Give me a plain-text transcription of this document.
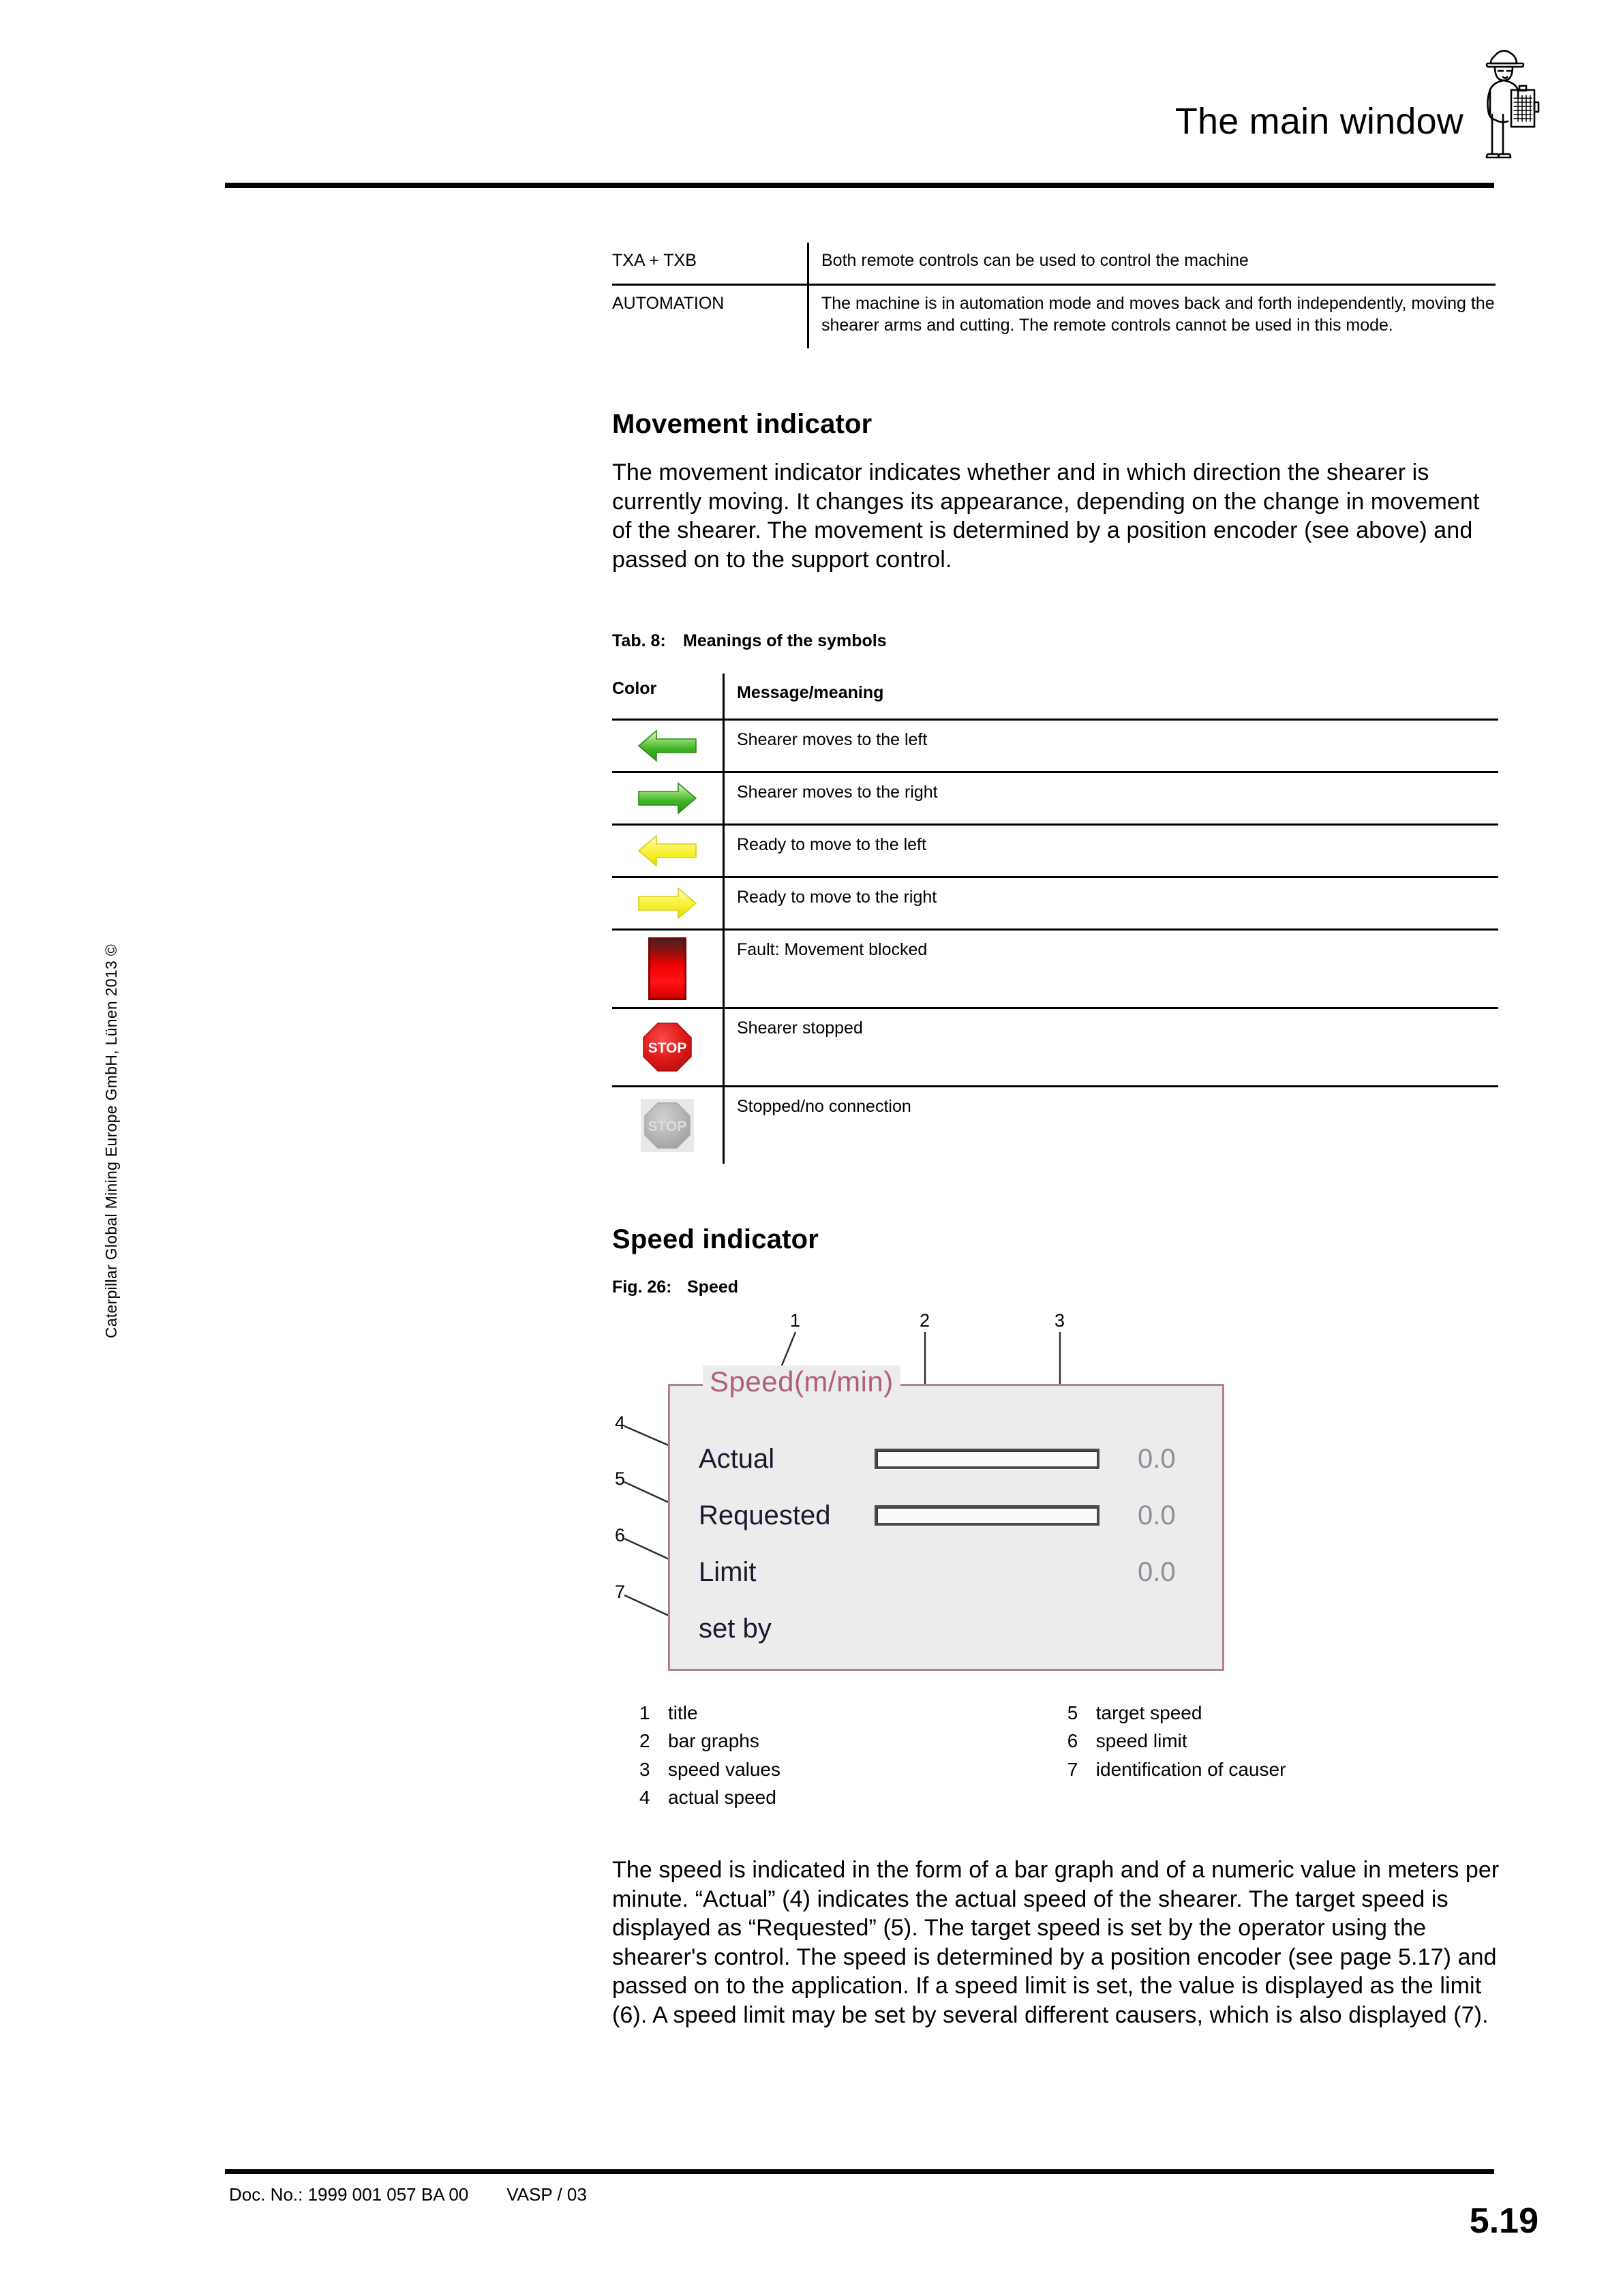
The main window
Caterpillar Global Mining Europe GmbH, Lünen 2013 ©
TXA + TXB	Both remote controls can be used to control the machine
AUTOMATION	The machine is in automation mode and moves back and forth independently, moving the shearer arms and cutting. The remote controls cannot be used in this mode.
Movement indicator
The movement indicator indicates whether and in which direction the shearer is currently moving. It changes its appearance, depending on the change in movement of the shearer. The movement is determined by a position encoder (see above) and passed on to the support control.
Tab. 8: Meanings of the symbols
Color	Message/meaning

	Shearer moves to the left

	Shearer moves to the right

	Ready to move to the left

	Ready to move to the right

	Fault: Movement blocked

STOP	Shearer stopped

STOP	Stopped/no connection
Speed indicator
Fig. 26: Speed
1	2	3
4
5
6
7
Speed(m/min)
Actual	0.0
Requested	0.0
Limit	0.0
set by
1 title
2 bar graphs
3 speed values
4 actual speed

5 target speed
6 speed limit
7 identification of causer
The speed is indicated in the form of a bar graph and of a numeric value in meters per minute. “Actual” (4) indicates the actual speed of the shearer. The target speed is displayed as “Requested” (5). The target speed is set by the operator using the shearer's control. The speed is determined by a position encoder (see page 5.17) and passed on to the application. If a speed limit is set, the value is displayed as the limit (6). A speed limit may be set by several different causers, which is also displayed (7).
Doc. No.: 1999 001 057 BA 00 VASP / 03
5.19
